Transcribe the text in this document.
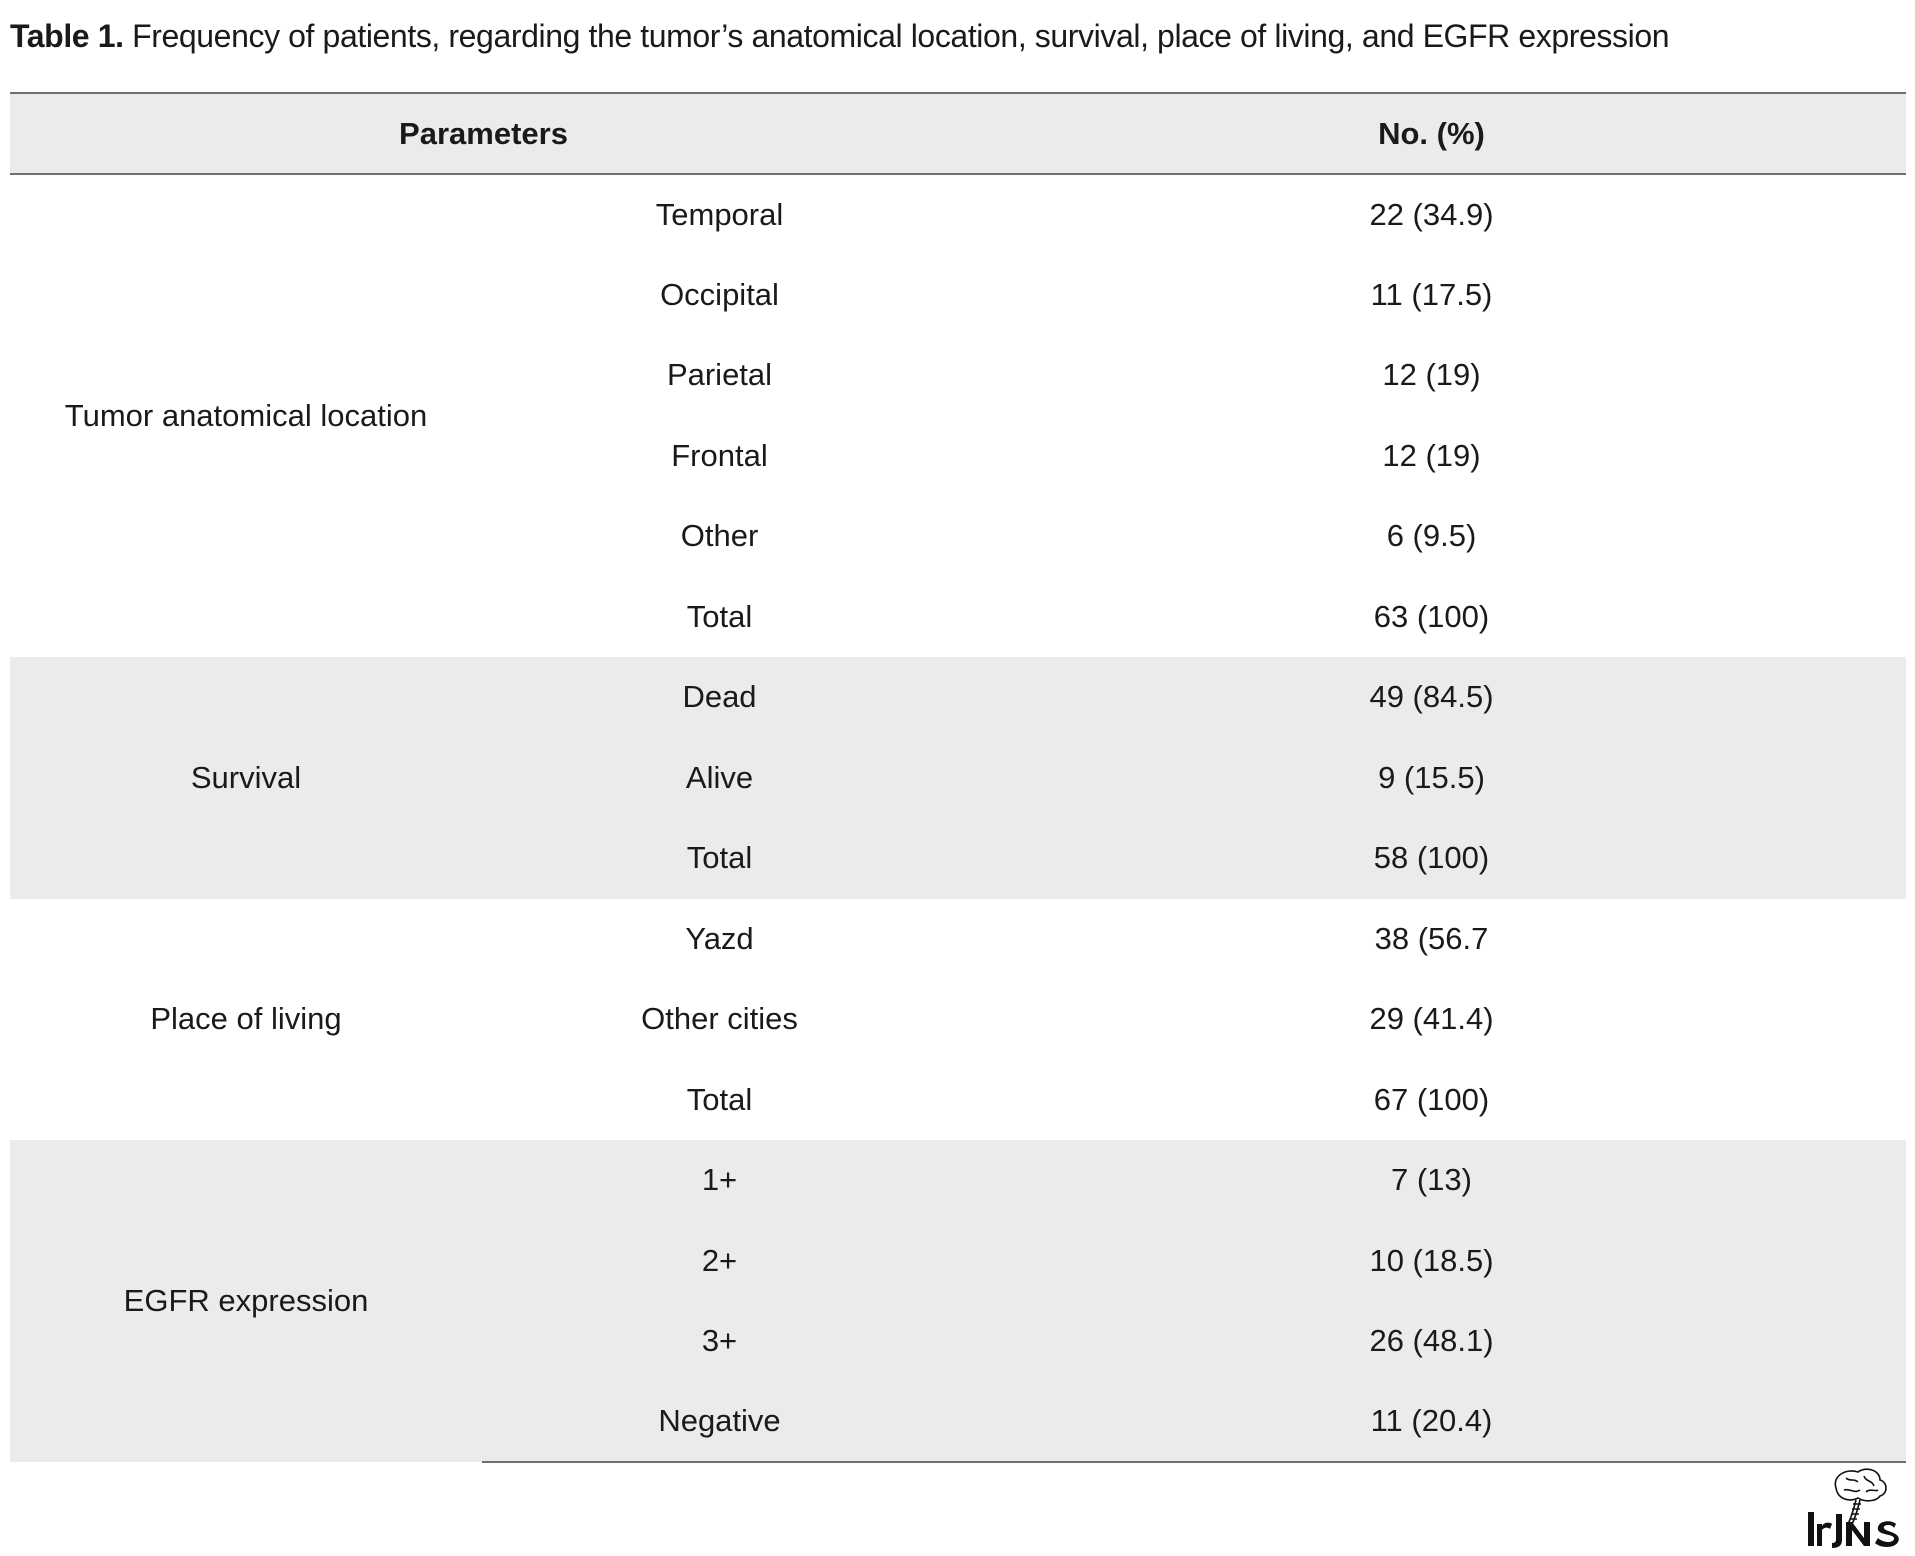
Table 1. Frequency of patients, regarding the tumor’s anatomical location, survival, place of living, and EGFR expression
Parameters		No. (%)
Tumor anatomical location	Temporal	22 (34.9)
	Occipital	11 (17.5)
	Parietal	12 (19)
	Frontal	12 (19)
	Other	6 (9.5)
	Total	63 (100)
Survival	Dead	49 (84.5)
	Alive	9 (15.5)
	Total	58 (100)
Place of living	Yazd	38 (56.7
	Other cities	29 (41.4)
	Total	67 (100)
EGFR expression	1+	7 (13)
	2+	10 (18.5)
	3+	26 (48.1)
	Negative	11 (20.4)
